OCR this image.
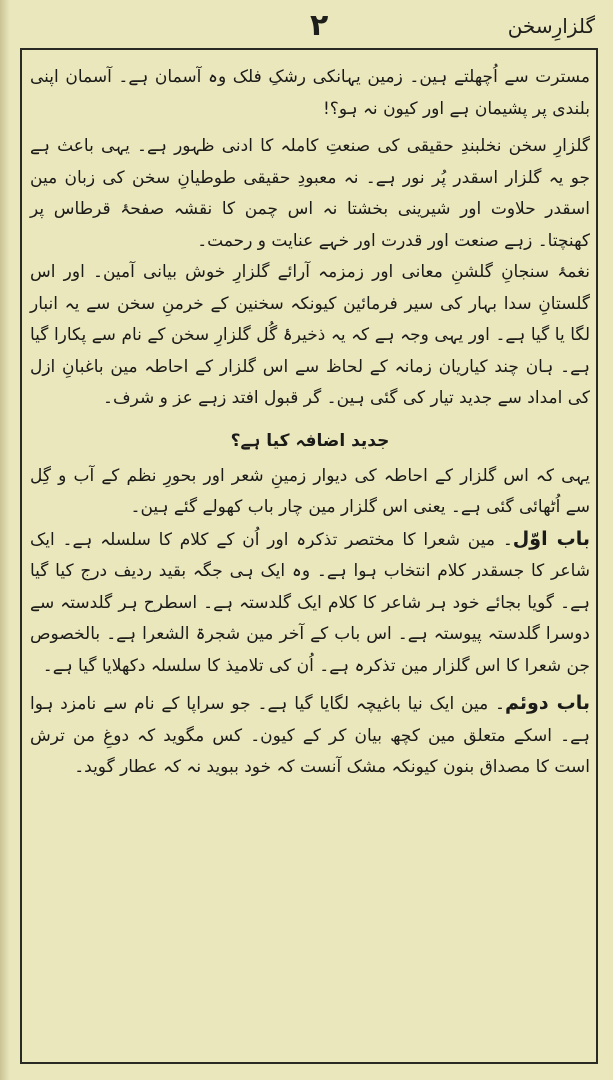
۲	گلزارِسخن

مسترت سے اُچھلتے ہین۔ زمین یہانکی رشکِ فلک وہ آسمان ہے۔ آسمان اپنی بلندی پر پشیمان ہے اور کیون نہ ہو؟!

گلزارِ سخن نخلبندِ حقیقی کی صنعتِ کاملہ کا ادنی ظہور ہے۔ یہی باعث ہے جو یہ گلزار اسقدر پُر نور ہے۔ نہ معبودِ حقیقی طوطیانِ سخن کی زبان مین اسقدر حلاوت اور شیرینی بخشتا نہ اس چمن کا نقشہ صفحۂ قرطاس پر کھنچتا۔ زہے صنعت اور قدرت اور خہے عنایت و رحمت۔

نغمۂ سنجانِ گلشنِ معانی اور زمزمہ آرائے گلزارِ خوش بیانی آمین۔ اور اس گلستانِ سدا بہار کی سیر فرمائین کیونکہ سخنین کے خرمنِ سخن سے یہ انبار لگا یا گیا ہے۔ اور یہی وجہ ہے کہ یہ ذخیرۂ گُل گلزارِ سخن کے نام سے پکارا گیا ہے۔ ہان چند کیاریان زمانہ کے لحاظ سے اس گلزار کے احاطہ مین باغبانِ ازل کی امداد سے جدید تیار کی گئی ہین۔ گر قبول افتد زہے عز و شرف۔

جدید اضافہ کیا ہے؟

یہی کہ اس گلزار کے احاطہ کی دیوار زمینِ شعر اور بحورِ نظم کے آب و گِل سے اُٹھائی گئی ہے۔ یعنی اس گلزار مین چار باب کھولے گئے ہین۔

باب اوّل۔ مین شعرا کا مختصر تذکرہ اور اُن کے کلام کا سلسلہ ہے۔ ایک شاعر کا جسقدر کلام انتخاب ہوا ہے۔ وہ ایک ہی جگہ بقید ردیف درج کیا گیا ہے۔ گویا بجائے خود ہر شاعر کا کلام ایک گلدستہ ہے۔ اسطرح ہر گلدستہ سے دوسرا گلدستہ پیوستہ ہے۔ اس باب کے آخر مین شجرۃ الشعرا ہے۔ بالخصوص جن شعرا کا اس گلزار مین تذکرہ ہے۔ اُن کی تلامیذ کا سلسلہ دکھلایا گیا ہے۔

باب دوئم۔ مین ایک نیا باغیچہ لگایا گیا ہے۔ جو سراپا کے نام سے نامزد ہوا ہے۔ اسکے متعلق مین کچھ بیان کر کے کیون۔ کس مگوید کہ دوغِ من ترش است کا مصداق بنون کیونکہ مشک آنست کہ خود ببوید نہ کہ عطار گوید۔
